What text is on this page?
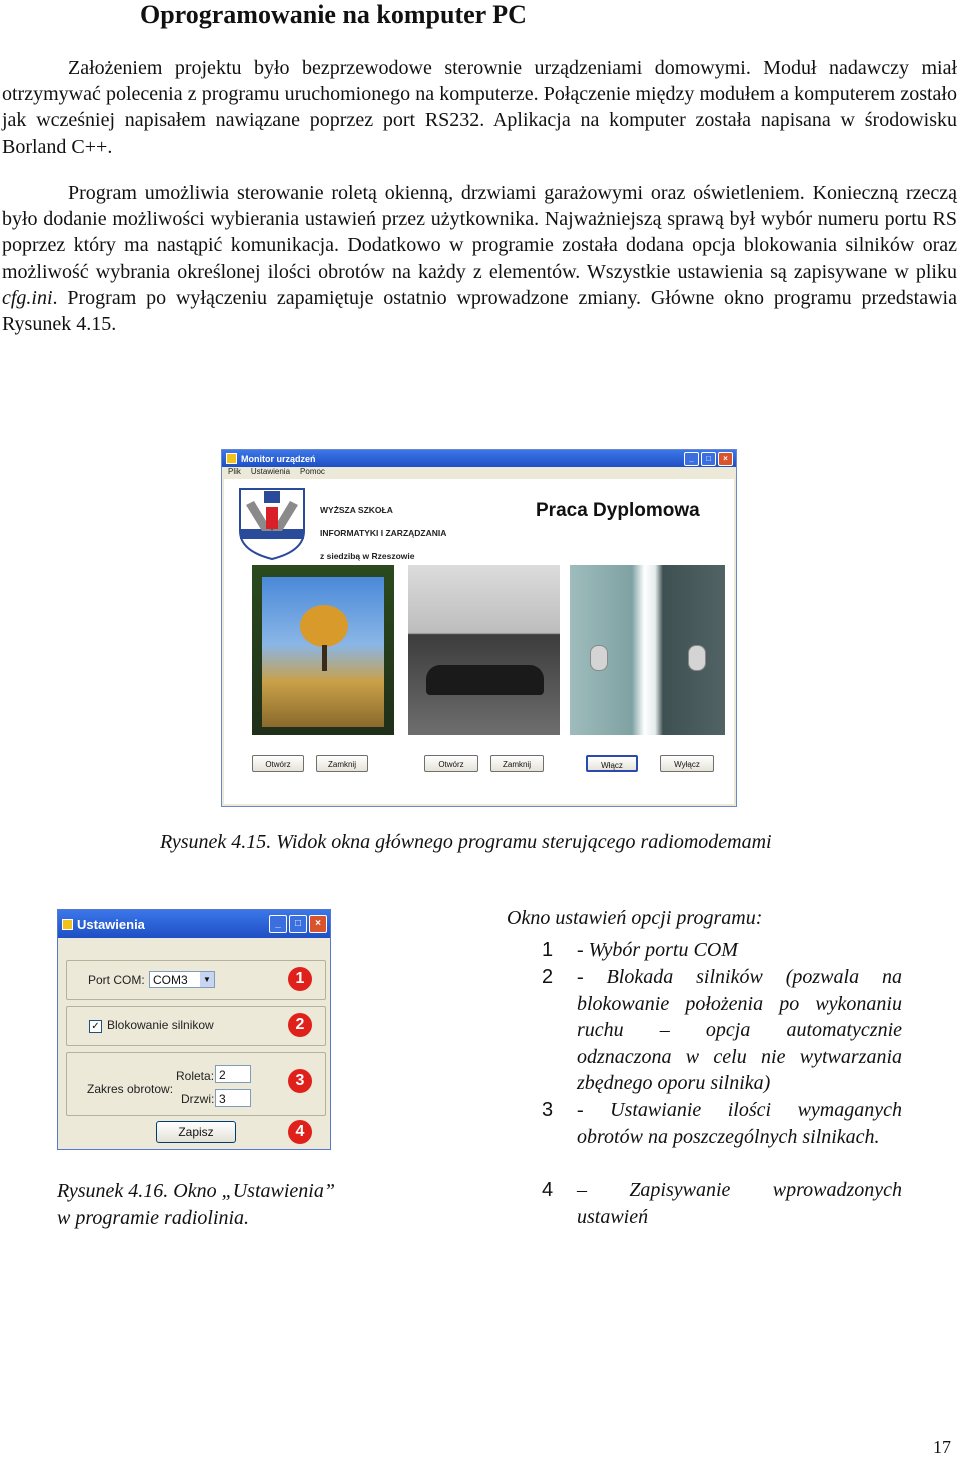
Oprogramowanie na komputer PC

Założeniem projektu było bezprzewodowe sterownie urządzeniami domowymi. Moduł nadawczy miał otrzymywać polecenia z programu uruchomionego na komputerze. Połączenie między modułem a komputerem zostało jak wcześniej napisałem nawiązane poprzez port RS232. Aplikacja na komputer została napisana w środowisku Borland C++.

Program umożliwia sterowanie roletą okienną, drzwiami garażowymi oraz oświetleniem. Konieczną rzeczą było dodanie możliwości wybierania ustawień przez użytkownika. Najważniejszą sprawą był wybór numeru portu RS poprzez który ma nastąpić komunikacja. Dodatkowo w programie została dodana opcja blokowania silników oraz możliwość wybrania określonej ilości obrotów na każdy z elementów. Wszystkie ustawienia są zapisywane w pliku cfg.ini. Program po wyłączeniu zapamiętuje ostatnio wprowadzone zmiany. Główne okno programu przedstawia Rysunek 4.15.

Monitor urządzeń	_	□	×
Plik Ustawienia Pomoc
WYŻSZA SZKOŁA
INFORMATYKI I ZARZĄDZANIA
z siedzibą w Rzeszowie
Praca Dyplomowa
Otwórz	Zamknij	Otwórz	Zamknij	Włącz	Wyłącz

Rysunek 4.15. Widok okna głównego programu sterującego radiomodemami

Ustawienia	_	□	×
Port COM: COM3	▼	1
✓ Blokowanie silnikow	2
Zakres obrotow:
Roleta: 2
Drzwi: 3
3
Zapisz	4
Rysunek 4.16. Okno „Ustawienia”
w programie radiolinia.

Okno ustawień opcji programu:

1 - Wybór portu COM
2 - Blokada silników (pozwala na blokowanie położenia po wykonaniu ruchu – opcja automatycznie odznaczona w celu nie wytwarzania zbędnego oporu silnika)
3 - Ustawianie ilości wymaganych obrotów na poszczególnych silnikach.
4 – Zapisywanie wprowadzonych ustawień
17
